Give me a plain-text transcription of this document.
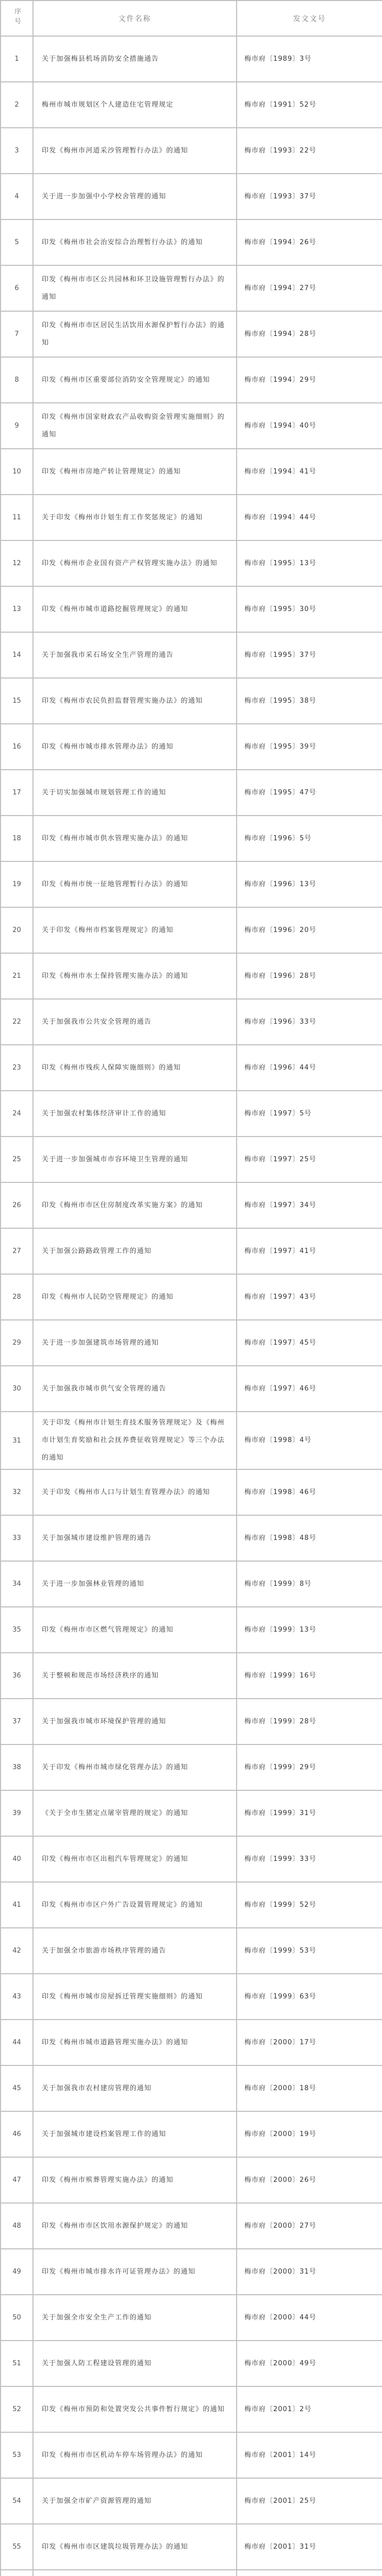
序号	文件名称	发文文号
1	关于加强梅县机场消防安全措施通告	梅市府〔1989〕3号
2	梅州市城市规划区个人建造住宅管理规定	梅市府〔1991〕52号
3	印发《梅州市河道采沙管理暂行办法》的通知	梅市府〔1993〕22号
4	关于进一步加强中小学校舍管理的通知	梅市府〔1993〕37号
5	印发《梅州市社会治安综合治理暂行办法》的通知	梅市府〔1994〕26号
6	印发《梅州市市区公共园林和环卫设施管理暂行办法》的通知	梅市府〔1994〕27号
7	印发《梅州市市区居民生活饮用水源保护暂行办法》的通知	梅市府〔1994〕28号
8	印发《梅州市区重要部位消防安全管理规定》的通知	梅市府〔1994〕29号
9	印发《梅州市国家财政农产品收购资金管理实施细则》的通知	梅市府〔1994〕40号
10	印发《梅州市房地产转让管理规定》的通知	梅市府〔1994〕41号
11	关于印发《梅州市计划生育工作奖惩规定》的通知	梅市府〔1994〕44号
12	印发《梅州市企业国有资产产权管理实施办法》的通知	梅市府〔1995〕13号
13	印发《梅州市城市道路挖掘管理规定》的通知	梅市府〔1995〕30号
14	关于加强我市采石场安全生产管理的通告	梅市府〔1995〕37号
15	印发《梅州市农民负担监督管理实施办法》的通知	梅市府〔1995〕38号
16	印发《梅州市城市排水管理办法》的通知	梅市府〔1995〕39号
17	关于切实加强城市规划管理工作的通知	梅市府〔1995〕47号
18	印发《梅州市城市供水管理实施办法》的通知	梅市府〔1996〕5号
19	印发《梅州市统一征地管理暂行办法》的通知	梅市府〔1996〕13号
20	关于印发《梅州市档案管理规定》的通知	梅市府〔1996〕20号
21	印发《梅州市水土保持管理实施办法》的通知	梅市府〔1996〕28号
22	关于加强我市公共安全管理的通告	梅市府〔1996〕33号
23	印发《梅州市残疾人保障实施细则》的通知	梅市府〔1996〕44号
24	关于加强农村集体经济审计工作的通知	梅市府〔1997〕5号
25	关于进一步加强城市市容环境卫生管理的通知	梅市府〔1997〕25号
26	印发《梅州市市区住房制度改革实施方案》的通知	梅市府〔1997〕34号
27	关于加强公路路政管理工作的通知	梅市府〔1997〕41号
28	印发《梅州市人民防空管理规定》的通知	梅市府〔1997〕43号
29	关于进一步加强建筑市场管理的通知	梅市府〔1997〕45号
30	关于加强我市城市供气安全管理的通告	梅市府〔1997〕46号
31	关于印发《梅州市计划生育技术服务管理规定》及《梅州市计划生育奖励和社会抚养费征收管理规定》等三个办法的通知	梅市府〔1998〕4号
32	关于印发《梅州市人口与计划生育管理办法》的通知	梅市府〔1998〕46号
33	关于加强城市建设维护管理的通告	梅市府〔1998〕48号
34	关于进一步加强林业管理的通知	梅市府〔1999〕8号
35	印发《梅州市市区燃气管理规定》的通知	梅市府〔1999〕13号
36	关于整顿和规范市场经济秩序的通知	梅市府〔1999〕16号
37	关于加强我市城市环境保护管理的通知	梅市府〔1999〕28号
38	关于印发《梅州市城市绿化管理办法》的通知	梅市府〔1999〕29号
39	《关于全市生猪定点屠宰管理的规定》的通知	梅市府〔1999〕31号
40	印发《梅州市市区出租汽车管理规定》的通知	梅市府〔1999〕33号
41	印发《梅州市市区户外广告设置管理规定》的通知	梅市府〔1999〕52号
42	关于加强全市旅游市场秩序管理的通告	梅市府〔1999〕53号
43	印发《梅州市城市房屋拆迁管理实施细则》的通知	梅市府〔1999〕63号
44	印发《梅州市城市道路管理实施办法》的通知	梅市府〔2000〕17号
45	关于加强我市农村建房管理的通知	梅市府〔2000〕18号
46	关于加强城市建设档案管理工作的通知	梅市府〔2000〕19号
47	印发《梅州市殡葬管理实施办法》的通知	梅市府〔2000〕26号
48	印发《梅州市市区饮用水源保护规定》的通知	梅市府〔2000〕27号
49	印发《梅州市城市排水许可证管理办法》的通知	梅市府〔2000〕31号
50	关于加强全市安全生产工作的通知	梅市府〔2000〕44号
51	关于加强人防工程建设管理的通知	梅市府〔2000〕49号
52	印发《梅州市预防和处置突发公共事件暂行规定》的通知	梅市府〔2001〕2号
53	印发《梅州市市区机动车停车场管理办法》的通知	梅市府〔2001〕14号
54	关于加强全市矿产资源管理的通知	梅市府〔2001〕25号
55	印发《梅州市市区建筑垃圾管理办法》的通知	梅市府〔2001〕31号
